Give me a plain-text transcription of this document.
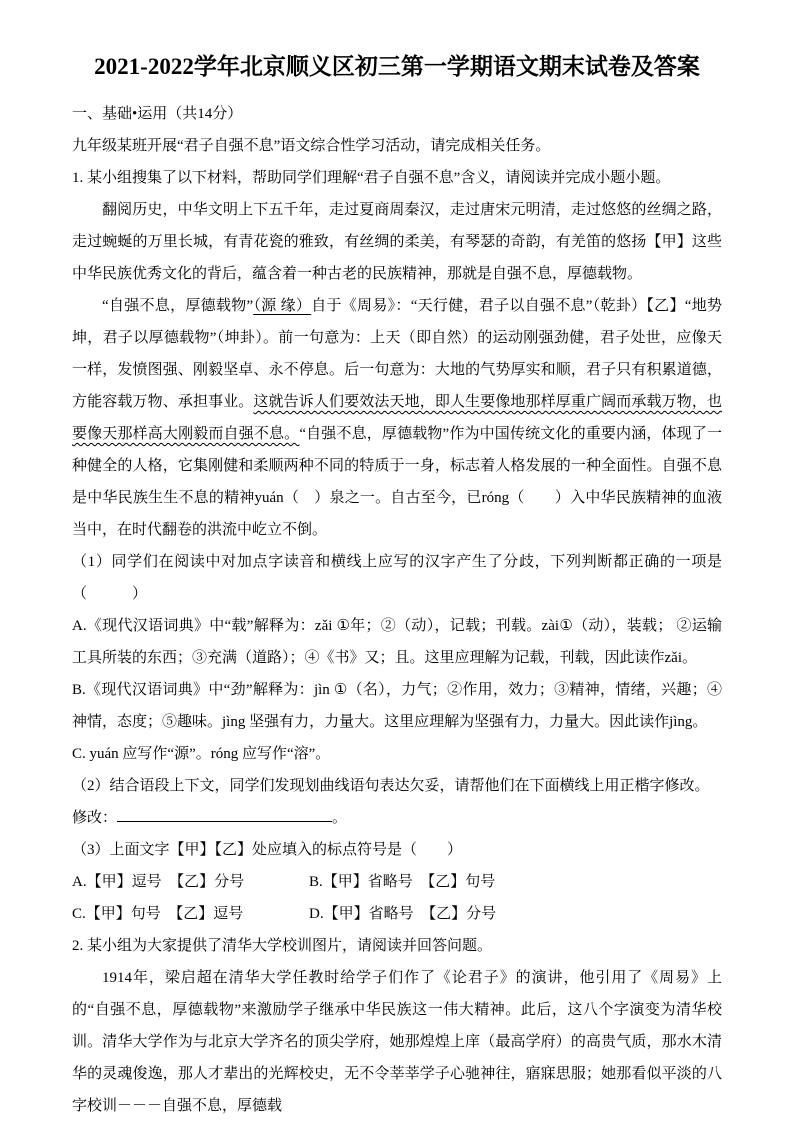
2021-2022学年北京顺义区初三第一学期语文期末试卷及答案

一、基础•运用（共14分）

九年级某班开展“君子自强不息”语文综合性学习活动，请完成相关任务。

1. 某小组搜集了以下材料，帮助同学们理解“君子自强不息”含义，请阅读并完成小题小题。

翻阅历史，中华文明上下五千年，走过夏商周秦汉，走过唐宋元明清，走过悠悠的丝绸之路，走过蜿蜒的万里长城，有青花瓷的雅致，有丝绸的柔美，有琴瑟的奇韵，有羌笛的悠扬【甲】这些中华民族优秀文化的背后，蕴含着一种古老的民族精神，那就是自强不息，厚德载物。

“自强不息，厚德载物”（源 缘）自于《周易》：“天行健，君子以自强不息”（乾卦）【乙】“地势坤，君子以厚德载物”（坤卦）。前一句意为：上天（即自然）的运动刚强劲健，君子处世，应像天一样，发愤图强、刚毅坚卓、永不停息。后一句意为：大地的气势厚实和顺，君子只有积累道德，方能容载万物、承担事业。这就告诉人们要效法天地，即人生要像地那样厚重广阔而承载万物，也要像天那样高大刚毅而自强不息。“自强不息，厚德载物”作为中国传统文化的重要内涵，体现了一种健全的人格，它集刚健和柔顺两种不同的特质于一身，标志着人格发展的一种全面性。自强不息是中华民族生生不息的精神yuán（　）泉之一。自古至今，已róng（　　）入中华民族精神的血液当中，在时代翻卷的洪流中屹立不倒。

（1）同学们在阅读中对加点字读音和横线上应写的汉字产生了分歧，下列判断都正确的一项是（　　　）

A.《现代汉语词典》中“载”解释为：zǎi ①年；②（动），记载；刊载。zài①（动），装载； ②运输工具所装的东西；③充满（道路）；④《书》又；且。这里应理解为记载，刊载，因此读作zǎi。

B.《现代汉语词典》中“劲”解释为：jìn ①（名），力气；②作用，效力；③精神，情绪，兴趣；④神情，态度；⑤趣味。jìng 坚强有力，力量大。这里应理解为坚强有力，力量大。因此读作jìng。

C. yuán 应写作“源”。róng 应写作“溶”。

（2）结合语段上下文，同学们发现划曲线语句表达欠妥，请帮他们在下面横线上用正楷字修改。

修改：	。

（3）上面文字【甲】【乙】处应填入的标点符号是（　　）

A.【甲】逗号　【乙】分号	B.【甲】省略号　【乙】句号

C.【甲】句号　【乙】逗号	D.【甲】省略号　【乙】分号

2. 某小组为大家提供了清华大学校训图片，请阅读并回答问题。

1914年，梁启超在清华大学任教时给学子们作了《论君子》的演讲，他引用了《周易》上的“自强不息，厚德载物”来激励学子继承中华民族这一伟大精神。此后，这八个字演变为清华校训。清华大学作为与北京大学齐名的顶尖学府，她那煌煌上庠（最高学府）的高贵气质，那水木清华的灵魂俊逸，那人才辈出的光辉校史，无不令莘莘学子心驰神往，寤寐思服；她那看似平淡的八字校训－－－自强不息，厚德载
